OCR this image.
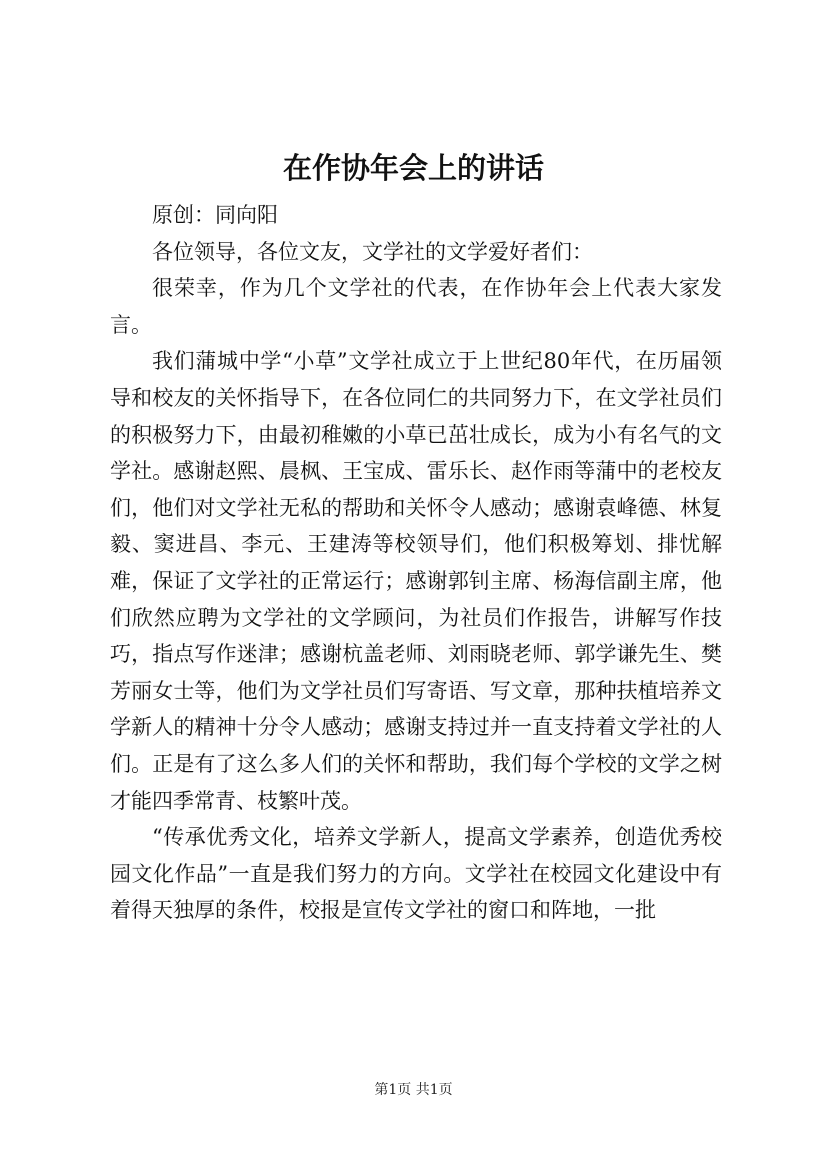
在作协年会上的讲话

原创：同向阳

各位领导，各位文友，文学社的文学爱好者们：

很荣幸，作为几个文学社的代表，在作协年会上代表大家发言。

我们蒲城中学“小草”文学社成立于上世纪80年代，在历届领导和校友的关怀指导下，在各位同仁的共同努力下，在文学社员们的积极努力下，由最初稚嫩的小草已茁壮成长，成为小有名气的文学社。感谢赵熙、晨枫、王宝成、雷乐长、赵作雨等蒲中的老校友们，他们对文学社无私的帮助和关怀令人感动；感谢袁峰德、林复毅、窦进昌、李元、王建涛等校领导们，他们积极筹划、排忧解难，保证了文学社的正常运行；感谢郭钊主席、杨海信副主席，他们欣然应聘为文学社的文学顾问，为社员们作报告，讲解写作技巧，指点写作迷津；感谢杭盖老师、刘雨晓老师、郭学谦先生、樊芳丽女士等，他们为文学社员们写寄语、写文章，那种扶植培养文学新人的精神十分令人感动；感谢支持过并一直支持着文学社的人们。正是有了这么多人们的关怀和帮助，我们每个学校的文学之树才能四季常青、枝繁叶茂。

“传承优秀文化，培养文学新人，提高文学素养，创造优秀校园文化作品”一直是我们努力的方向。文学社在校园文化建设中有着得天独厚的条件，校报是宣传文学社的窗口和阵地，一批

第1页 共1页
